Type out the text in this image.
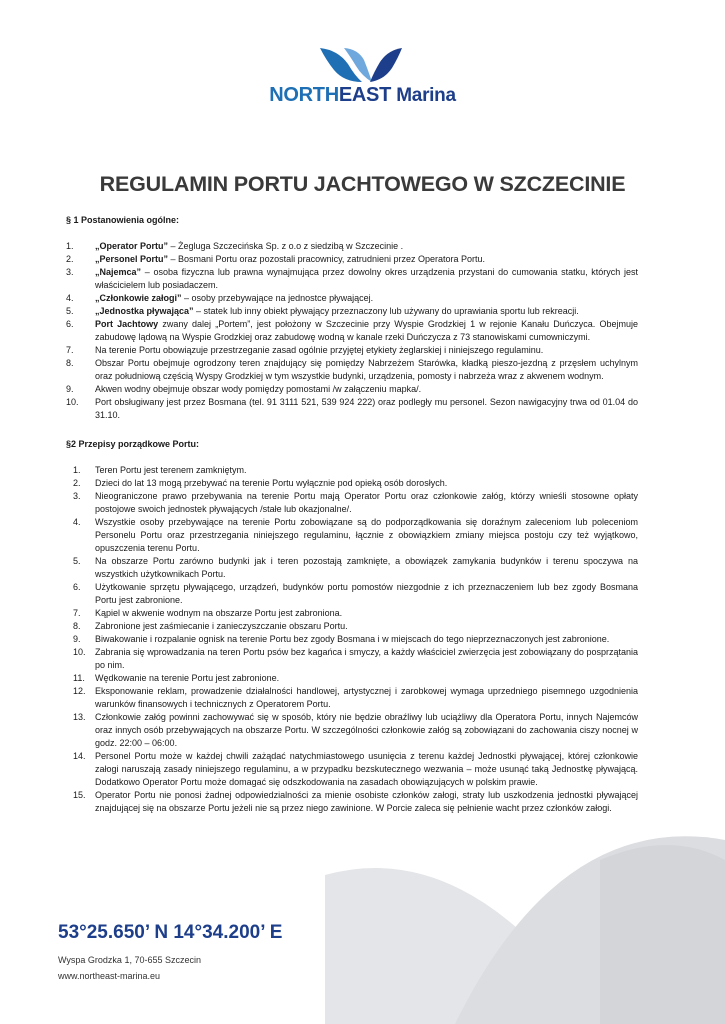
NORTHEAST Marina
REGULAMIN PORTU JACHTOWEGO W SZCZECINIE

§ 1 Postanowienia ogólne:

1. „Operator Portu” – Żegluga Szczecińska Sp. z o.o z siedzibą w Szczecinie .
2. „Personel Portu” – Bosmani Portu oraz pozostali pracownicy, zatrudnieni przez Operatora Portu.
3. „Najemca” – osoba fizyczna lub prawna wynajmująca przez dowolny okres urządzenia przystani do cumowania statku, których jest właścicielem lub posiadaczem.
4. „Członkowie załogi” – osoby przebywające na jednostce pływającej.
5. „Jednostka pływająca” – statek lub inny obiekt pływający przeznaczony lub używany do uprawiania sportu lub rekreacji.
6. Port Jachtowy zwany dalej „Portem”, jest położony w Szczecinie przy Wyspie Grodzkiej 1 w rejonie Kanału Duńczyca. Obejmuje zabudowę lądową na Wyspie Grodzkiej oraz zabudowę wodną w kanale rzeki Duńczycza z 73 stanowiskami cumowniczymi.
7. Na terenie Portu obowiązuje przestrzeganie zasad ogólnie przyjętej etykiety żeglarskiej i niniejszego regulaminu.
8. Obszar Portu obejmuje ogrodzony teren znajdujący się pomiędzy Nabrzeżem Starówka, kładką pieszo-jezdną z przęsłem uchylnym oraz południową częścią Wyspy Grodzkiej w tym wszystkie budynki, urządzenia, pomosty i nabrzeża wraz z akwenem wodnym.
9. Akwen wodny obejmuje obszar wody pomiędzy pomostami /w załączeniu mapka/.
10. Port obsługiwany jest przez Bosmana (tel. 91 3111 521, 539 924 222) oraz podległy mu personel. Sezon nawigacyjny trwa od 01.04 do 31.10.

§2 Przepisy porządkowe Portu:

1. Teren Portu jest terenem zamkniętym.
2. Dzieci do lat 13 mogą przebywać na terenie Portu wyłącznie pod opieką osób dorosłych.
3. Nieograniczone prawo przebywania na terenie Portu mają Operator Portu oraz członkowie załóg, którzy wnieśli stosowne opłaty postojowe swoich jednostek pływających /stałe lub okazjonalne/.
4. Wszystkie osoby przebywające na terenie Portu zobowiązane są do podporządkowania się doraźnym zaleceniom lub poleceniom Personelu Portu oraz przestrzegania niniejszego regulaminu, łącznie z obowiązkiem zmiany miejsca postoju czy też wyjątkowo, opuszczenia terenu Portu.
5. Na obszarze Portu zarówno budynki jak i teren pozostają zamknięte, a obowiązek zamykania budynków i terenu spoczywa na wszystkich użytkownikach Portu.
6. Użytkowanie sprzętu pływającego, urządzeń, budynków portu pomostów niezgodnie z ich przeznaczeniem lub bez zgody Bosmana Portu jest zabronione.
7. Kąpiel w akwenie wodnym na obszarze Portu jest zabroniona.
8. Zabronione jest zaśmiecanie i zanieczyszczanie obszaru Portu.
9. Biwakowanie i rozpalanie ognisk na terenie Portu bez zgody Bosmana i w miejscach do tego nieprzeznaczonych jest zabronione.
10. Zabrania się wprowadzania na teren Portu psów bez kagańca i smyczy, a każdy właściciel zwierzęcia jest zobowiązany do posprzątania po nim.
11. Wędkowanie na terenie Portu jest zabronione.
12. Eksponowanie reklam, prowadzenie działalności handlowej, artystycznej i zarobkowej wymaga uprzedniego pisemnego uzgodnienia warunków finansowych i technicznych z Operatorem Portu.
13. Członkowie załóg powinni zachowywać się w sposób, który nie będzie obraźliwy lub uciążliwy dla Operatora Portu, innych Najemców oraz innych osób przebywających na obszarze Portu. W szczególności członkowie załóg są zobowiązani do zachowania ciszy nocnej w godz. 22:00 – 06:00.
14. Personel Portu może w każdej chwili zażądać natychmiastowego usunięcia z terenu każdej Jednostki pływającej, której członkowie załogi naruszają zasady niniejszego regulaminu, a w przypadku bezskutecznego wezwania – może usunąć taką Jednostkę pływającą. Dodatkowo Operator Portu może domagać się odszkodowania na zasadach obowiązujących w polskim prawie.
15. Operator Portu nie ponosi żadnej odpowiedzialności za mienie osobiste członków załogi, straty lub uszkodzenia jednostki pływającej znajdującej się na obszarze Portu jeżeli nie są przez niego zawinione. W Porcie zaleca się pełnienie wacht przez członków załogi.
53°25.650’ N 14°34.200’ E
Wyspa Grodzka 1, 70-655 Szczecin
www.northeast-marina.eu
